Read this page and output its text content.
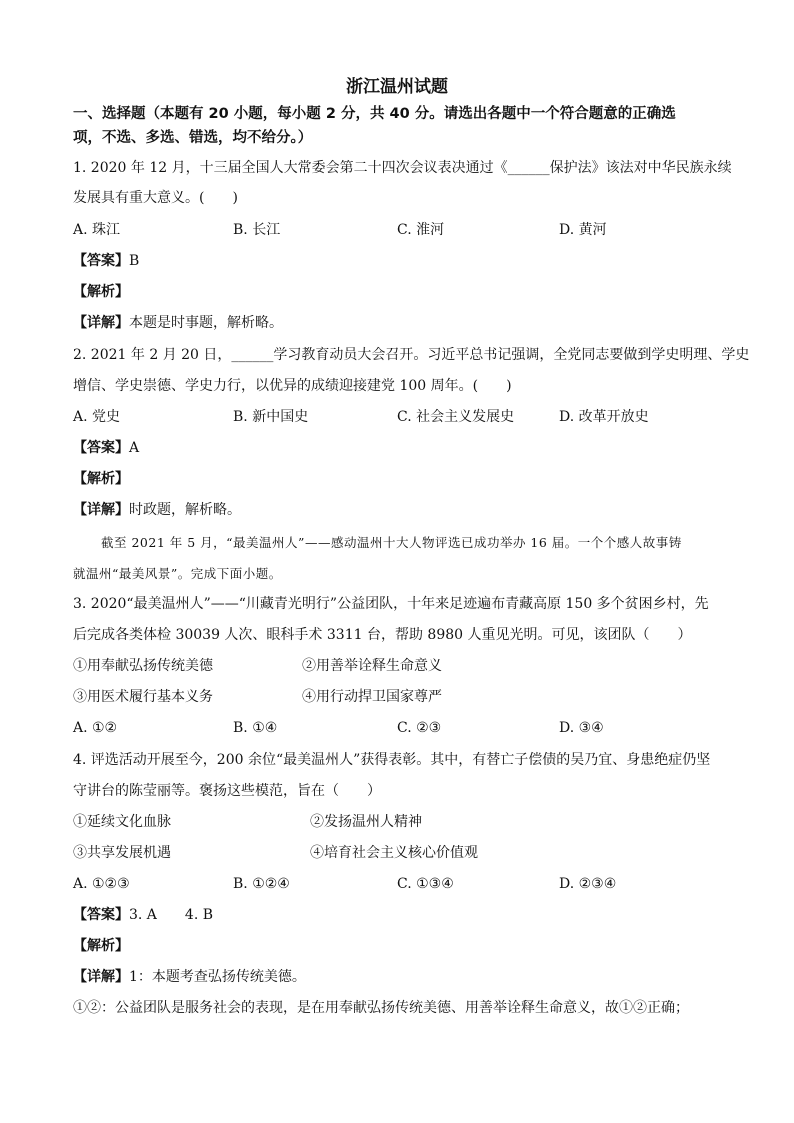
浙江温州试题
一、选择题（本题有 20 小题，每小题 2 分，共 40 分。请选出各题中一个符合题意的正确选
项，不选、多选、错选，均不给分。）
1. 2020 年 12 月，十三届全国人大常委会第二十四次会议表决通过《______保护法》该法对中华民族永续
发展具有重大意义。(　　)
A. 珠江	B. 长江	C. 淮河	D. 黄河
【答案】B
【解析】
【详解】本题是时事题，解析略。
2. 2021 年 2 月 20 日，______学习教育动员大会召开。习近平总书记强调，全党同志要做到学史明理、学史
增信、学史崇德、学史力行，以优异的成绩迎接建党 100 周年。(　　)
A. 党史	B. 新中国史	C. 社会主义发展史	D. 改革开放史
【答案】A
【解析】
【详解】时政题，解析略。
截至 2021 年 5 月，“最美温州人”——感动温州十大人物评选已成功举办 16 届。一个个感人故事铸
就温州“最美风景”。完成下面小题。
3. 2020“最美温州人”——“川藏青光明行”公益团队，十年来足迹遍布青藏高原 150 多个贫困乡村，先
后完成各类体检 30039 人次、眼科手术 3311 台，帮助 8980 人重见光明。可见，该团队（　　）
①用奉献弘扬传统美德	②用善举诠释生命意义
③用医术履行基本义务	④用行动捍卫国家尊严
A. ①②	B. ①④	C. ②③	D. ③④
4. 评选活动开展至今，200 余位“最美温州人”获得表彰。其中，有替亡子偿债的吴乃宜、身患绝症仍坚
守讲台的陈莹丽等。褒扬这些模范，旨在（　　）
①延续文化血脉	②发扬温州人精神
③共享发展机遇	④培育社会主义核心价值观
A. ①②③	B. ①②④	C. ①③④	D. ②③④
【答案】3. A　　4. B
【解析】
【详解】1：本题考查弘扬传统美德。
①②：公益团队是服务社会的表现，是在用奉献弘扬传统美德、用善举诠释生命意义，故①②正确；
